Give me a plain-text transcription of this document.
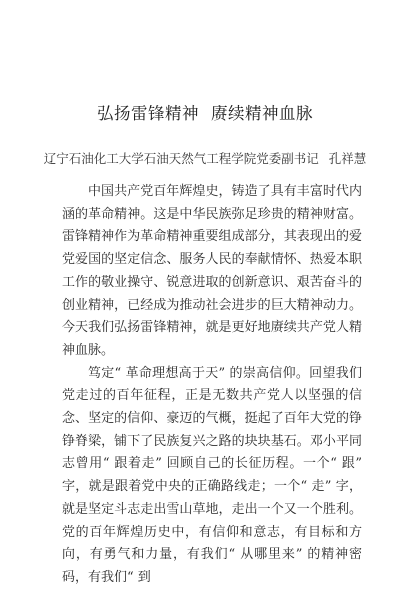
弘扬雷锋精神 赓续精神血脉
辽宁石油化工大学石油天然气工程学院党委副书记 孔祥慧

中国共产党百年辉煌史，铸造了具有丰富时代内涵的革命精神。这是中华民族弥足珍贵的精神财富。雷锋精神作为革命精神重要组成部分，其表现出的爱党爱国的坚定信念、服务人民的奉献情怀、热爱本职工作的敬业操守、锐意进取的创新意识、艰苦奋斗的创业精神，已经成为推动社会进步的巨大精神动力。今天我们弘扬雷锋精神，就是更好地赓续共产党人精神血脉。

笃定“ 革命理想高于天” 的崇高信仰。回望我们党走过的百年征程，正是无数共产党人以坚强的信念、坚定的信仰、豪迈的气概，挺起了百年大党的铮铮脊梁，铺下了民族复兴之路的块块基石。邓小平同志曾用“ 跟着走” 回顾自己的长征历程。一个“ 跟” 字，就是跟着党中央的正确路线走；一个“ 走” 字，就是坚定斗志走出雪山草地，走出一个又一个胜利。党的百年辉煌历史中，有信仰和意志，有目标和方向，有勇气和力量，有我们“ 从哪里来” 的精神密码，有我们“ 到
